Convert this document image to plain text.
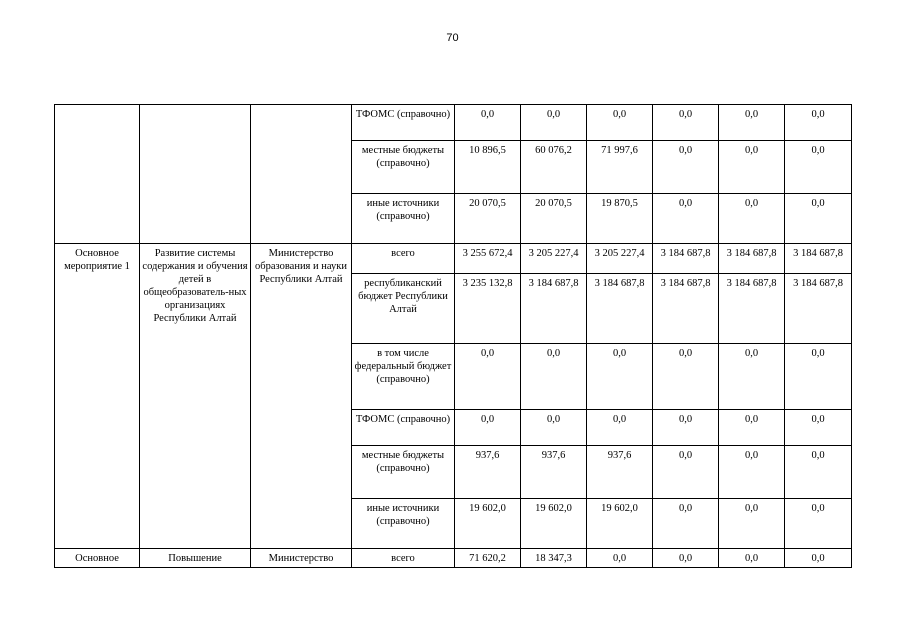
70
			ТФОМС (справочно)	0,0	0,0	0,0	0,0	0,0	0,0
			местные бюджеты (справочно)	10 896,5	60 076,2	71 997,6	0,0	0,0	0,0
			иные источники (справочно)	20 070,5	20 070,5	19 870,5	0,0	0,0	0,0
Основное мероприятие 1	Развитие системы содержания и обучения детей в общеобразователь-ных организациях Республики Алтай	Министерство образования и науки Республики Алтай	всего	3 255 672,4	3 205 227,4	3 205 227,4	3 184 687,8	3 184 687,8	3 184 687,8
			республиканский бюджет Республики Алтай	3 235 132,8	3 184 687,8	3 184 687,8	3 184 687,8	3 184 687,8	3 184 687,8
			в том числе федеральный бюджет (справочно)	0,0	0,0	0,0	0,0	0,0	0,0
			ТФОМС (справочно)	0,0	0,0	0,0	0,0	0,0	0,0
			местные бюджеты (справочно)	937,6	937,6	937,6	0,0	0,0	0,0
			иные источники (справочно)	19 602,0	19 602,0	19 602,0	0,0	0,0	0,0
Основное	Повышение	Министерство	всего	71 620,2	18 347,3	0,0	0,0	0,0	0,0
